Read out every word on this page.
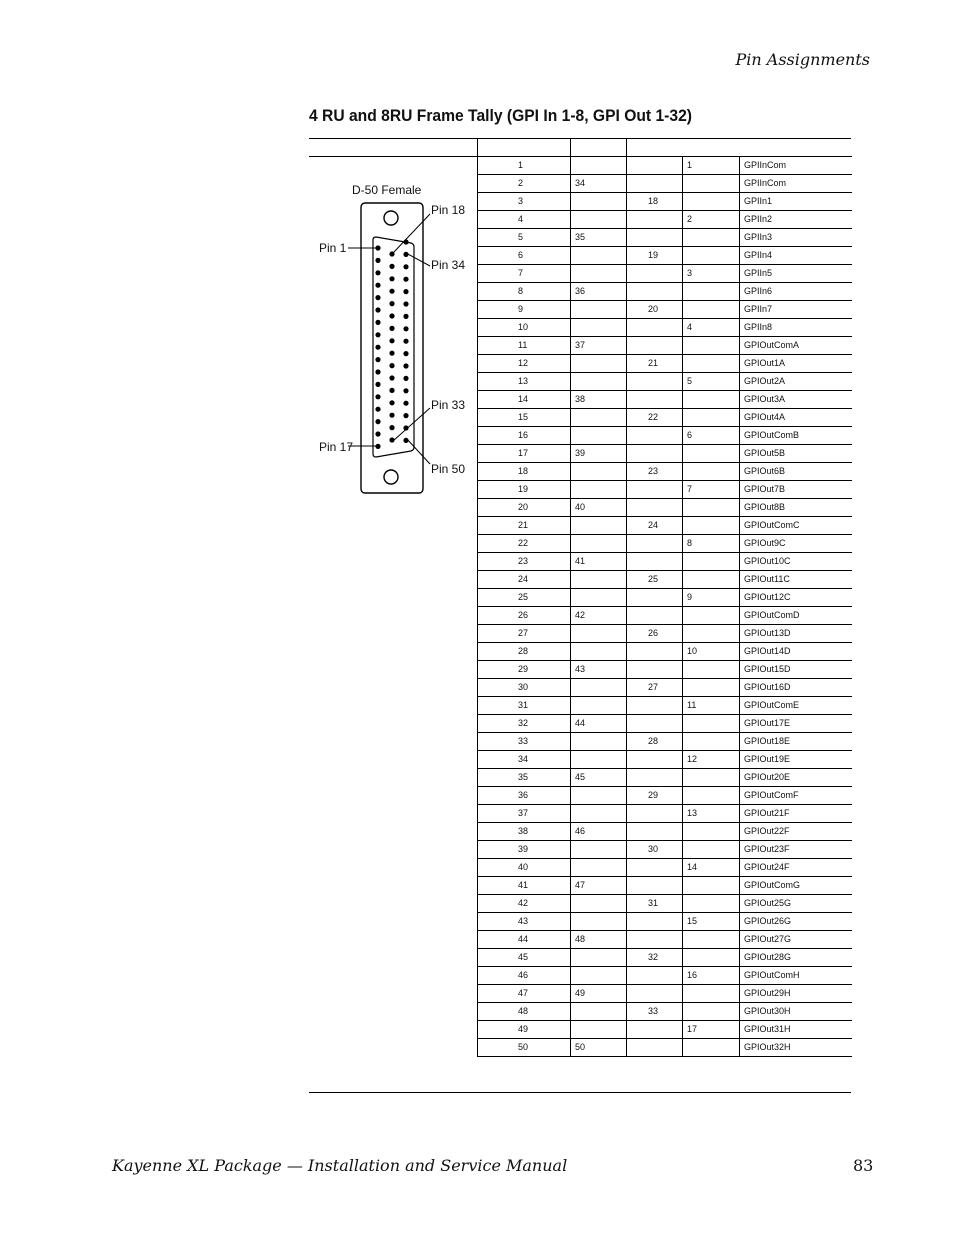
Pin Assignments
4 RU and 8RU Frame Tally (GPI In 1-8, GPI Out 1-32)
D-50 Female
Pin 1
Pin 17
Pin 18
Pin 33
Pin 34
Pin 50
1			1	GPIInCom
2	34			GPIInCom
3		18		GPIIn1
4			2	GPIIn2
5	35			GPIIn3
6		19		GPIIn4
7			3	GPIIn5
8	36			GPIIn6
9		20		GPIIn7
10			4	GPIIn8
11	37			GPIOutComA
12		21		GPIOut1A
13			5	GPIOut2A
14	38			GPIOut3A
15		22		GPIOut4A
16			6	GPIOutComB
17	39			GPIOut5B
18		23		GPIOut6B
19			7	GPIOut7B
20	40			GPIOut8B
21		24		GPIOutComC
22			8	GPIOut9C
23	41			GPIOut10C
24		25		GPIOut11C
25			9	GPIOut12C
26	42			GPIOutComD
27		26		GPIOut13D
28			10	GPIOut14D
29	43			GPIOut15D
30		27		GPIOut16D
31			11	GPIOutComE
32	44			GPIOut17E
33		28		GPIOut18E
34			12	GPIOut19E
35	45			GPIOut20E
36		29		GPIOutComF
37			13	GPIOut21F
38	46			GPIOut22F
39		30		GPIOut23F
40			14	GPIOut24F
41	47			GPIOutComG
42		31		GPIOut25G
43			15	GPIOut26G
44	48			GPIOut27G
45		32		GPIOut28G
46			16	GPIOutComH
47	49			GPIOut29H
48		33		GPIOut30H
49			17	GPIOut31H
50	50			GPIOut32H
Kayenne XL Package — Installation and Service Manual	83
